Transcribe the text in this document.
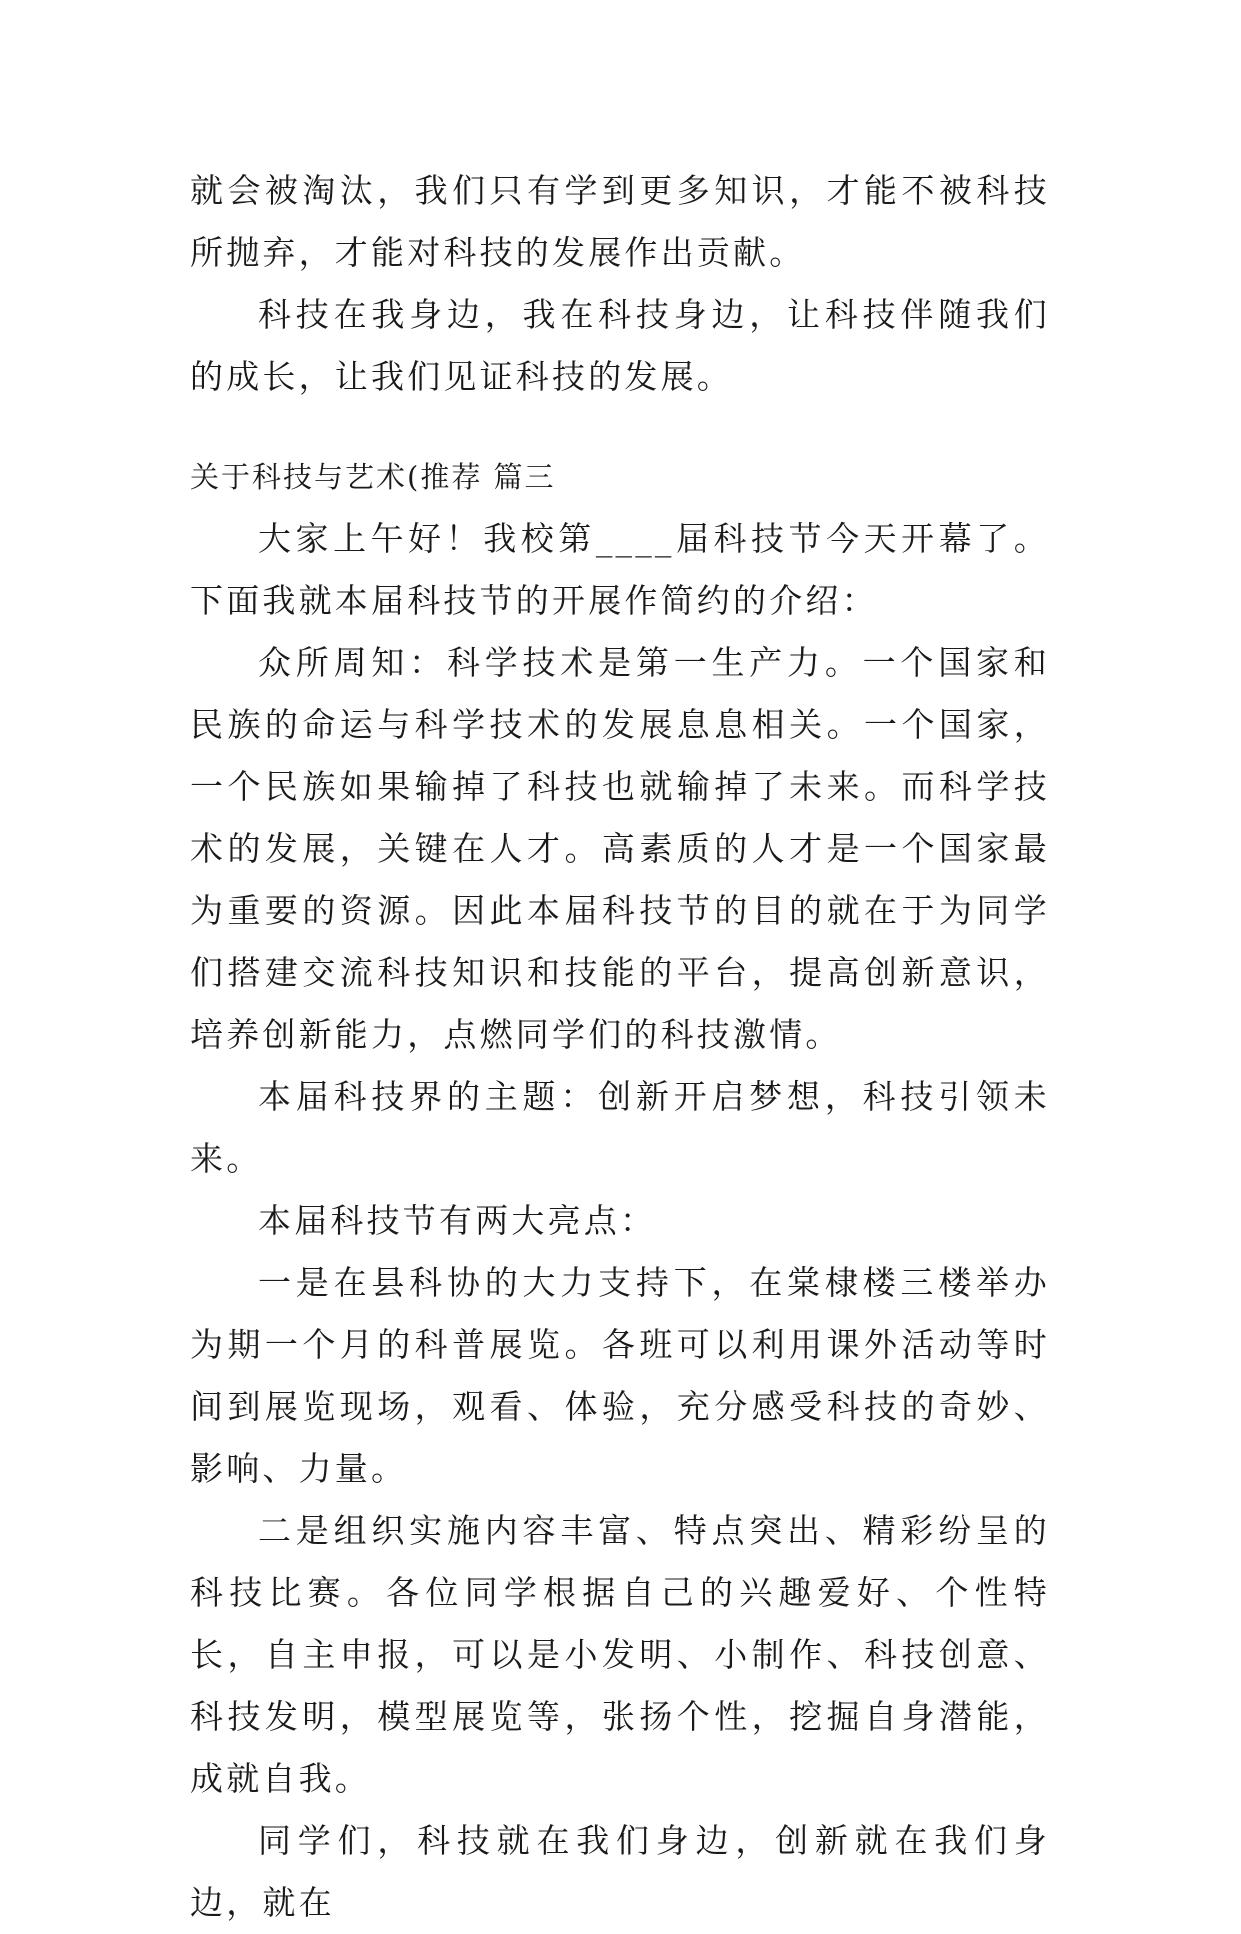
就会被淘汰，我们只有学到更多知识，才能不被科技所抛弃，才能对科技的发展作出贡献。

科技在我身边，我在科技身边，让科技伴随我们的成长，让我们见证科技的发展。

关于科技与艺术(推荐 篇三

大家上午好！我校第____届科技节今天开幕了。下面我就本届科技节的开展作简约的介绍：

众所周知：科学技术是第一生产力。一个国家和民族的命运与科学技术的发展息息相关。一个国家，一个民族如果输掉了科技也就输掉了未来。而科学技术的发展，关键在人才。高素质的人才是一个国家最为重要的资源。因此本届科技节的目的就在于为同学们搭建交流科技知识和技能的平台，提高创新意识，培养创新能力，点燃同学们的科技激情。

本届科技界的主题：创新开启梦想，科技引领未来。

本届科技节有两大亮点：

一是在县科协的大力支持下，在棠棣楼三楼举办为期一个月的科普展览。各班可以利用课外活动等时间到展览现场，观看、体验，充分感受科技的奇妙、影响、力量。

二是组织实施内容丰富、特点突出、精彩纷呈的科技比赛。各位同学根据自己的兴趣爱好、个性特长，自主申报，可以是小发明、小制作、科技创意、科技发明，模型展览等，张扬个性，挖掘自身潜能，成就自我。

同学们，科技就在我们身边，创新就在我们身边，就在
